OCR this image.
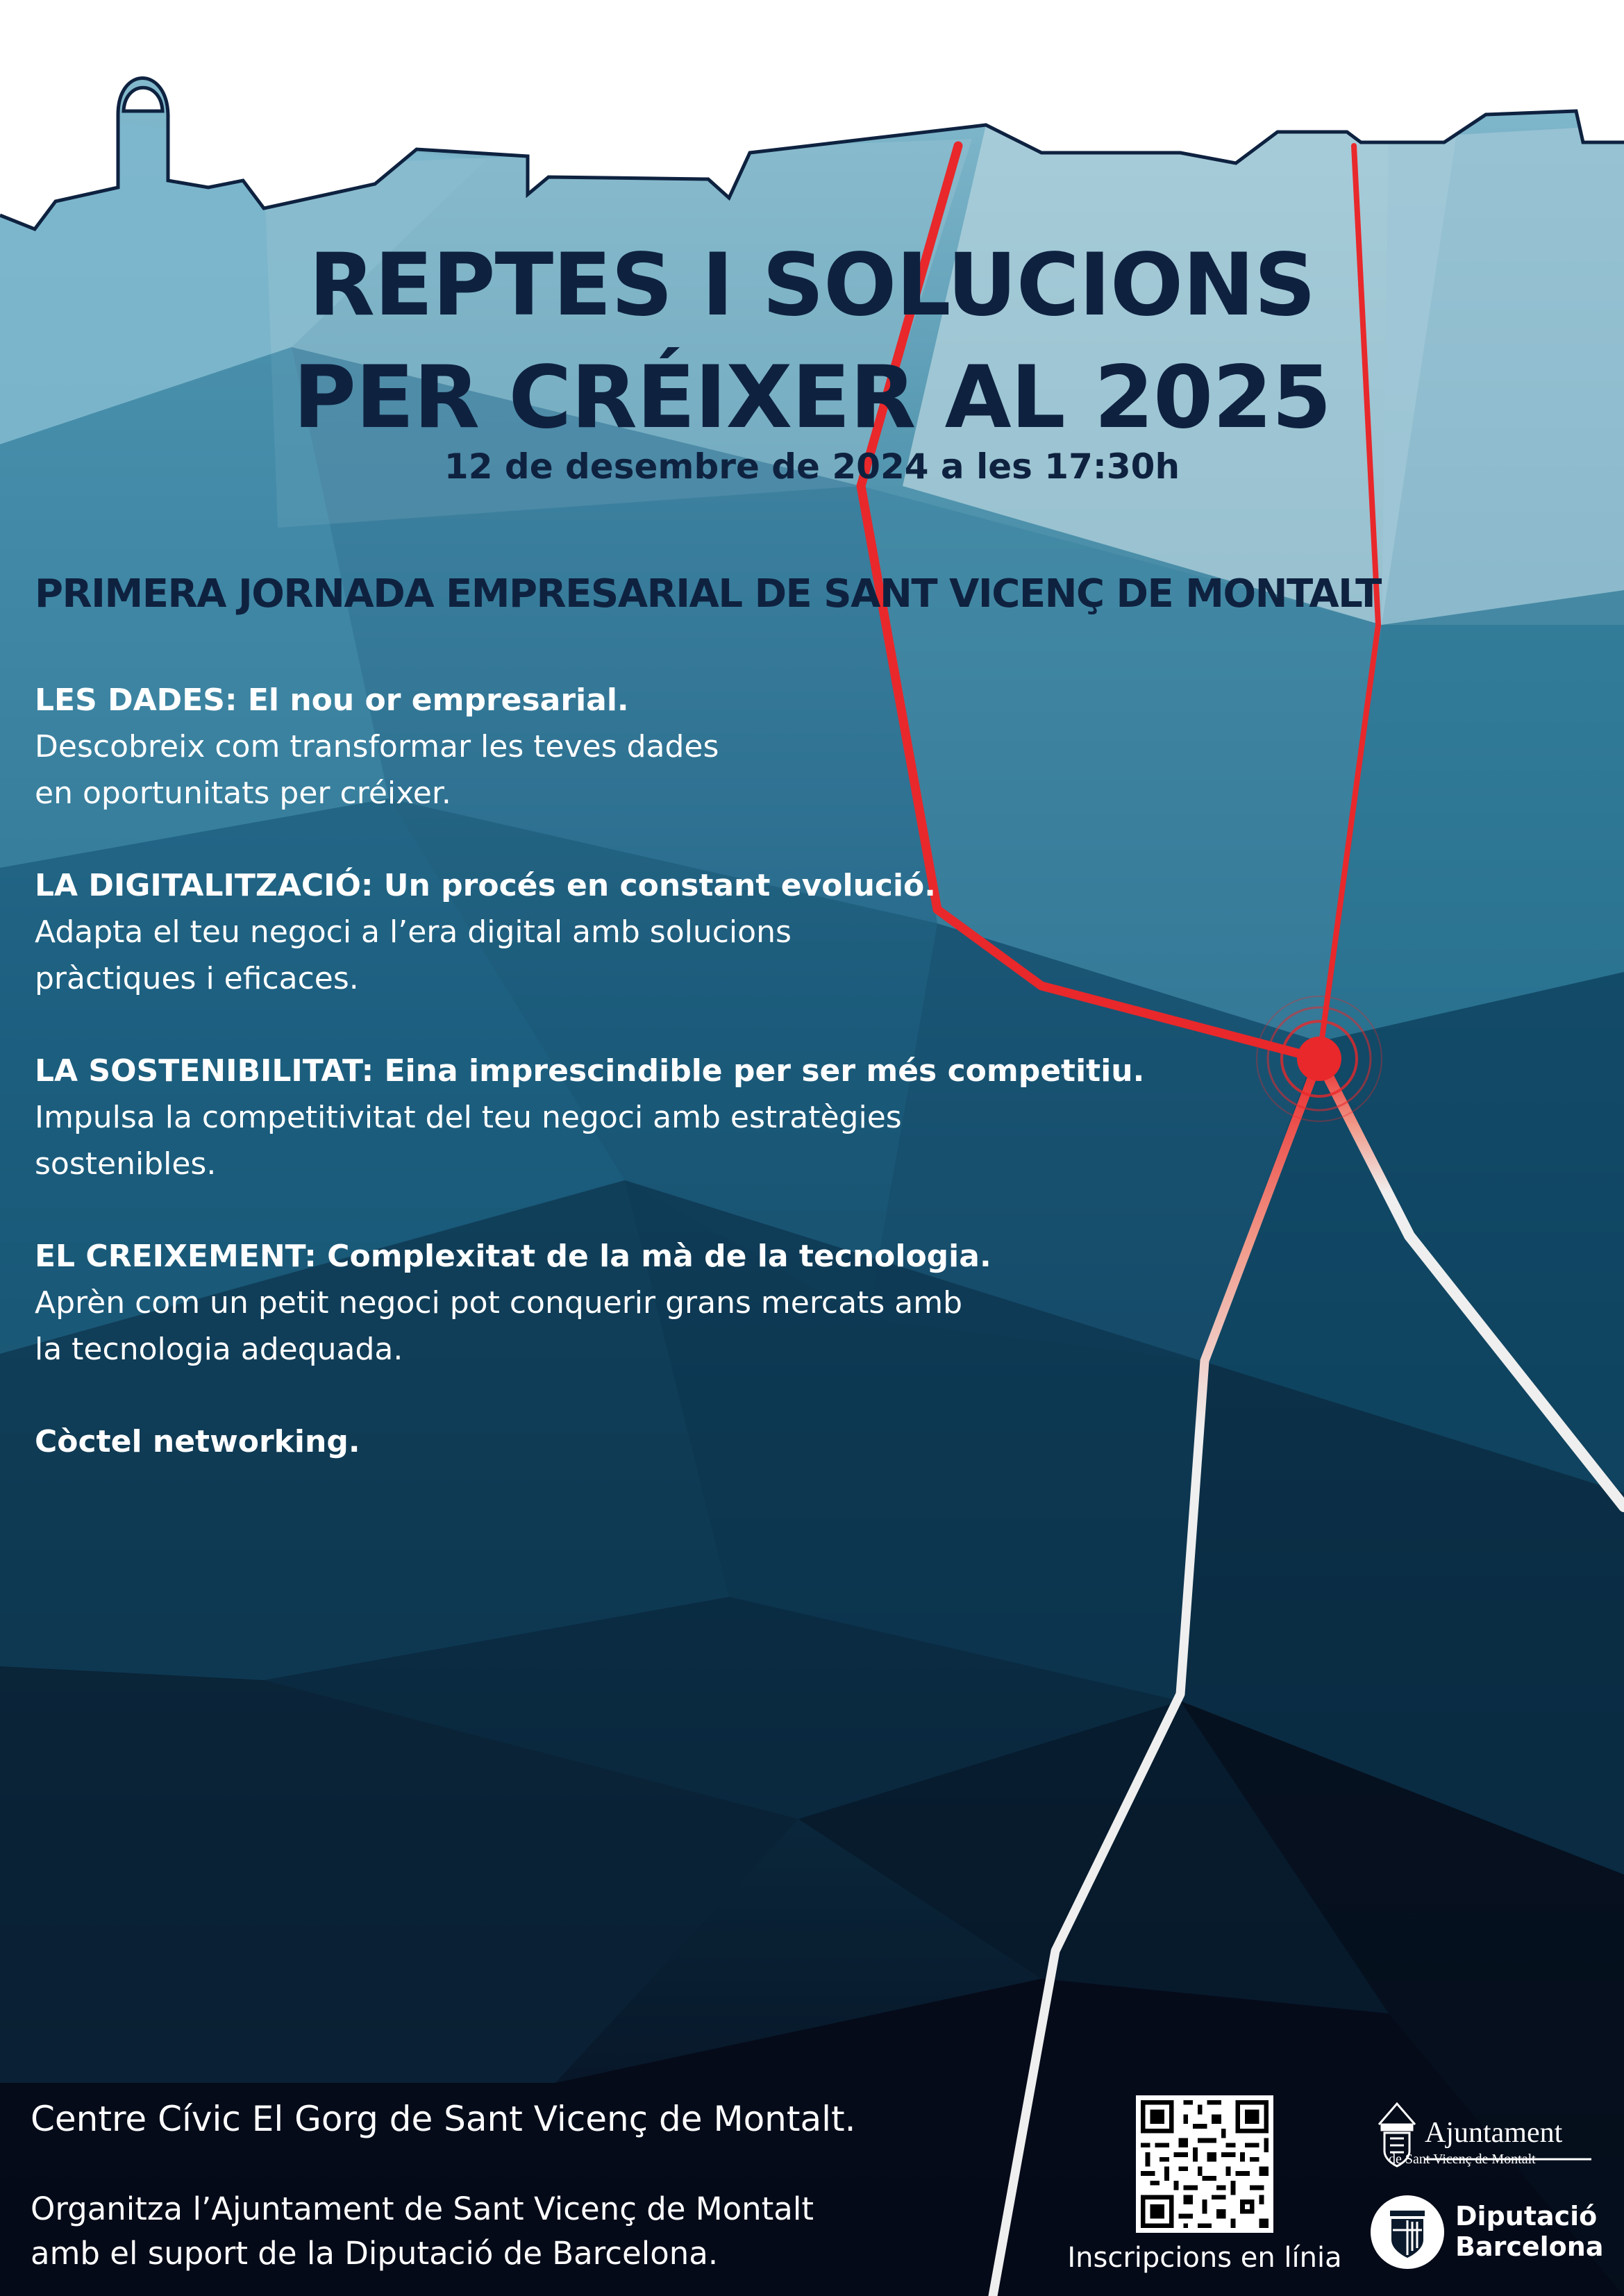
REPTES I SOLUCIONS
PER CRÉIXER AL 2025

12 de desembre de 2024 a les 17:30h

PRIMERA JORNADA EMPRESARIAL DE SANT VICENÇ DE MONTALT
LES DADES: El nou or empresarial.
Descobreix com transformar les teves dades
en oportunitats per créixer.
LA DIGITALITZACIÓ: Un procés en constant evolució.
Adapta el teu negoci a l’era digital amb solucions
pràctiques i eficaces.
LA SOSTENIBILITAT: Eina imprescindible per ser més competitiu.
Impulsa la competitivitat del teu negoci amb estratègies
sostenibles.
EL CREIXEMENT: Complexitat de la mà de la tecnologia.
Aprèn com un petit negoci pot conquerir grans mercats amb
la tecnologia adequada.

Còctel networking.

Centre Cívic El Gorg de Sant Vicenç de Montalt.

Organitza l’Ajuntament de Sant Vicenç de Montalt
amb el suport de la Diputació de Barcelona.	Inscripcions en línia

Ajuntament

de Sant Vicenç de Montalt

Diputació
Barcelona
